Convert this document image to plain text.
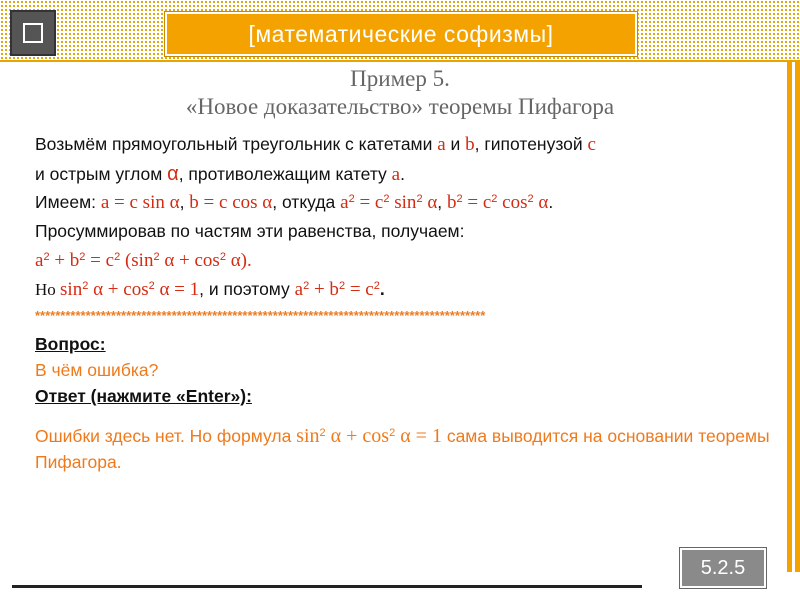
[математические софизмы]
Пример 5.
«Новое доказательство» теоремы Пифагора
Возьмём прямоугольный треугольник с катетами a и b, гипотенузой c
и острым углом α, противолежащим катету a.
Имеем: a = c sin α, b = c cos α, откуда $a^2 = c^2$ $\sin^2 \alpha$, $b^2 = c^2$ $\cos^2 \alpha$.
Просуммировав по частям эти равенства, получаем:
$a^2 + b^2 = c^2$ ($\sin^2$ $\alpha + \cos^2 \alpha$).
Но $\sin^2 \alpha + \cos^2 \alpha = 1$, и поэтому $a^2 + b^2 = c^2$.
*****************************************************************************************
Вопрос:
В чём ошибка?
Ответ (нажмите «Enter»):
Ошибки здесь нет. Но формула $\sin^2 \alpha + \cos^2 \alpha = 1$ сама выводится на основании теоремы Пифагора.
5.2.5
